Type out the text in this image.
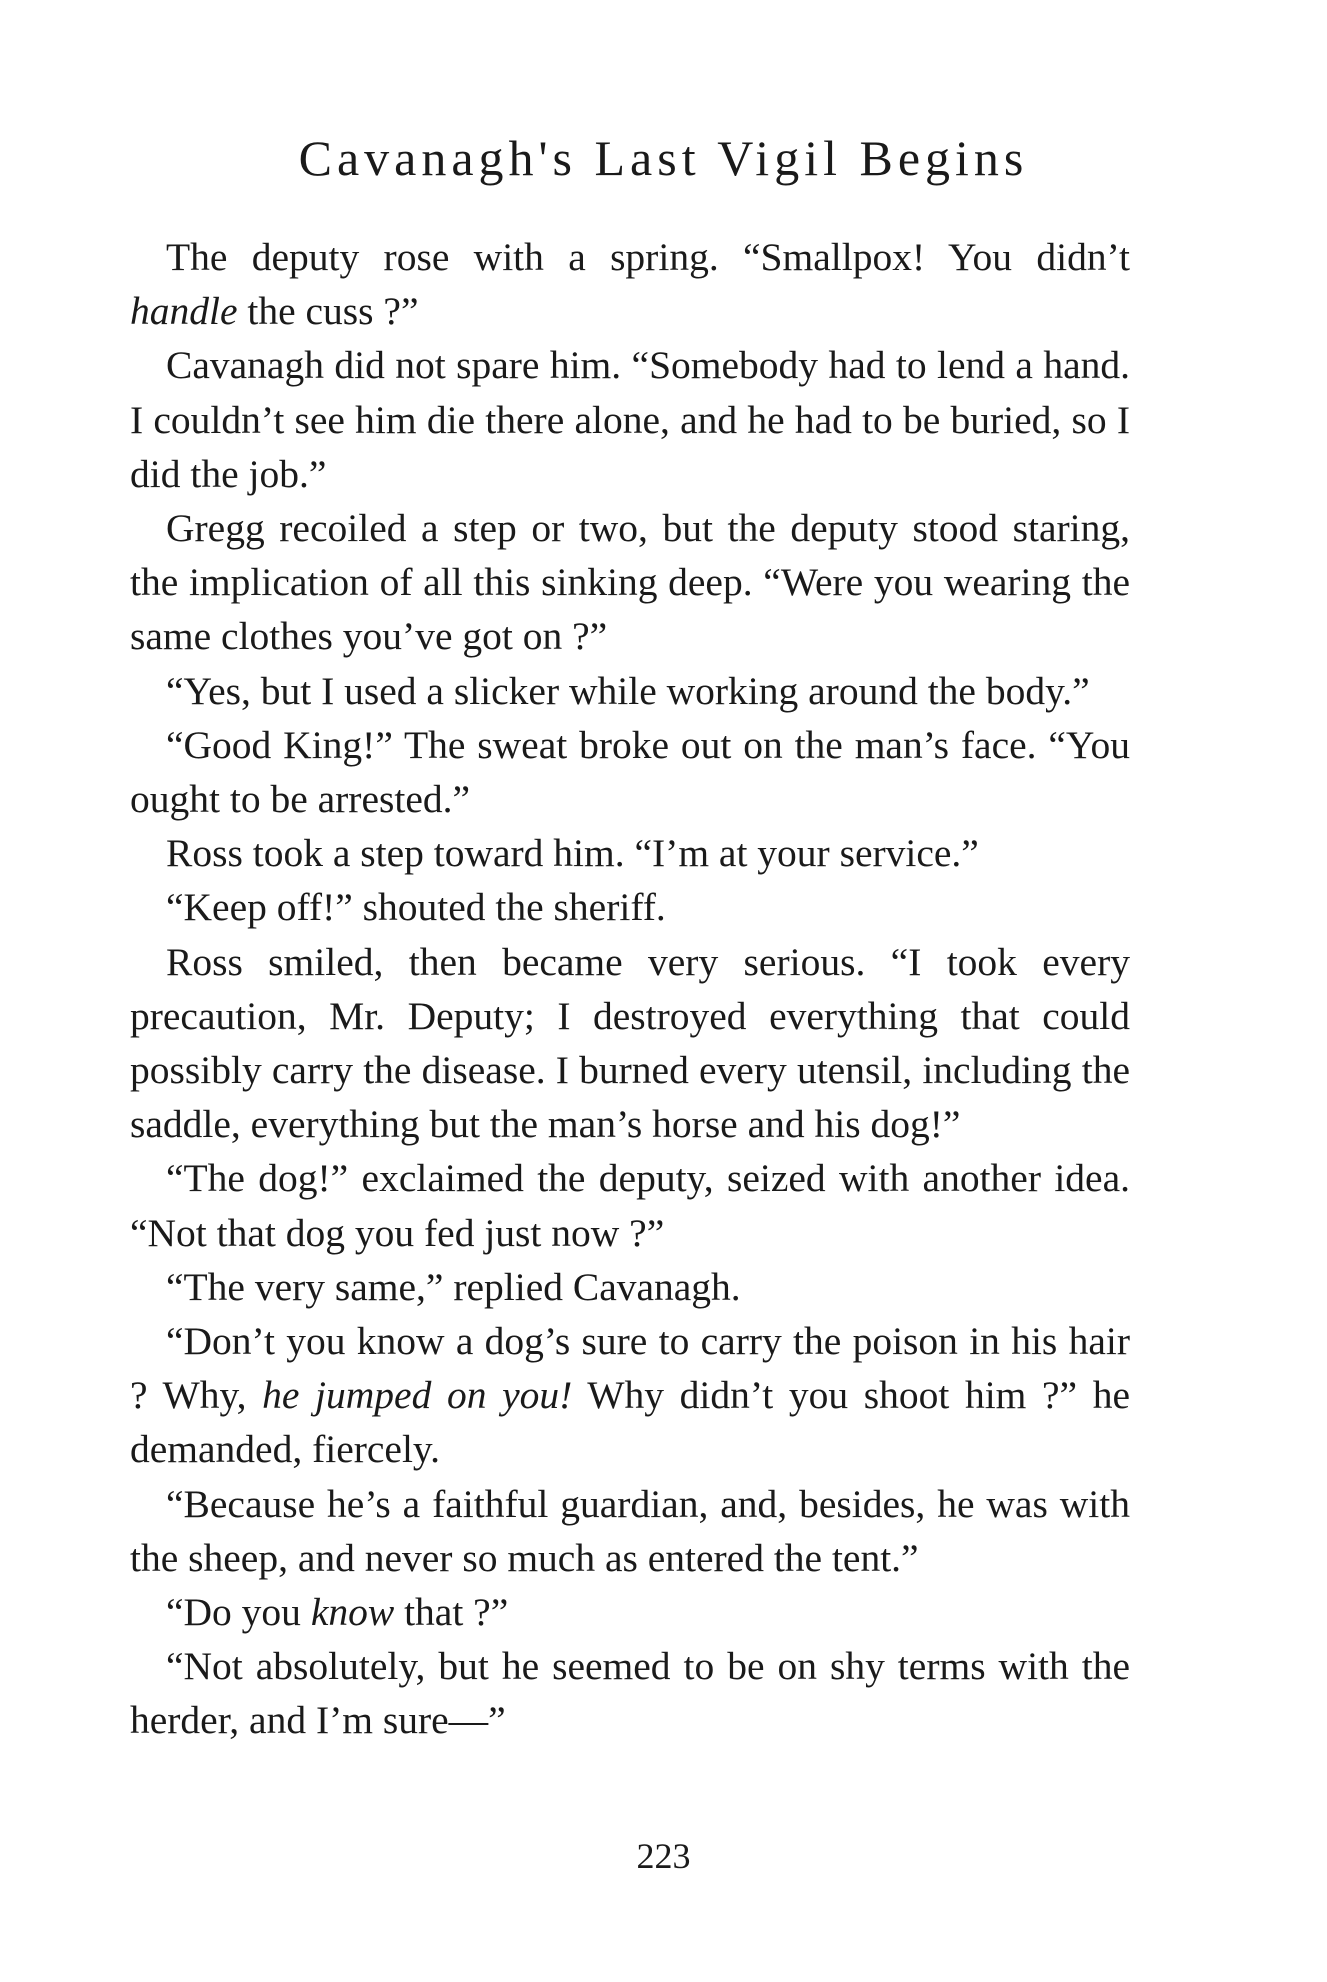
Cavanagh's Last Vigil Begins

The deputy rose with a spring. “Smallpox! You didn’t handle the cuss ?”

Cavanagh did not spare him. “Somebody had to lend a hand. I couldn’t see him die there alone, and he had to be buried, so I did the job.”

Gregg recoiled a step or two, but the deputy stood staring, the implication of all this sinking deep. “Were you wearing the same clothes you’ve got on ?”

“Yes, but I used a slicker while working around the body.”

“Good King!” The sweat broke out on the man’s face. “You ought to be arrested.”

Ross took a step toward him. “I’m at your service.”

“Keep off!” shouted the sheriff.

Ross smiled, then became very serious. “I took every precaution, Mr. Deputy; I destroyed everything that could possibly carry the disease. I burned every utensil, including the saddle, everything but the man’s horse and his dog!”

“The dog!” exclaimed the deputy, seized with another idea. “Not that dog you fed just now ?”

“The very same,” replied Cavanagh.

“Don’t you know a dog’s sure to carry the poison in his hair ? Why, he jumped on you! Why didn’t you shoot him ?” he demanded, fiercely.

“Because he’s a faithful guardian, and, besides, he was with the sheep, and never so much as entered the tent.”

“Do you know that ?”

“Not absolutely, but he seemed to be on shy terms with the herder, and I’m sure—”

223
